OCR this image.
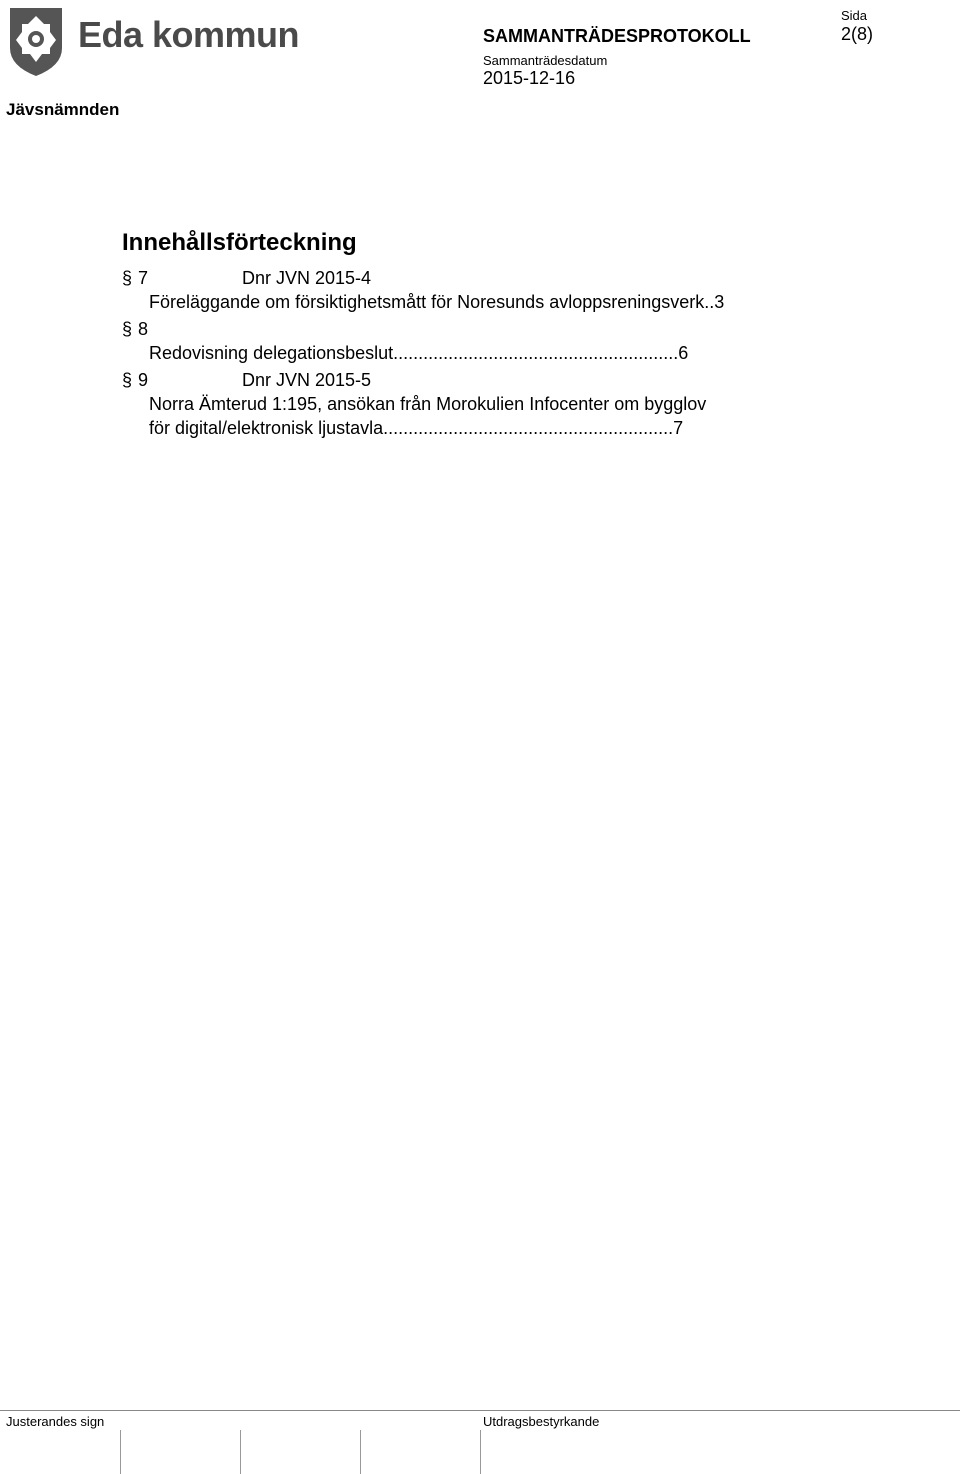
Eda kommun
Jävsnämnden
SAMMANTRÄDESPROTOKOLL
Sammanträdesdatum
2015-12-16
Sida
2(8)
Innehållsförteckning
§ 7	Dnr JVN 2015-4
Föreläggande om försiktighetsmått för Noresunds avloppsreningsverk..3
§ 8
Redovisning delegationsbeslut.........................................................6
§ 9	Dnr JVN 2015-5
Norra Ämterud 1:195, ansökan från Morokulien Infocenter om bygglov
för digital/elektronisk ljustavla..........................................................7
Justerandes sign	Utdragsbestyrkande
